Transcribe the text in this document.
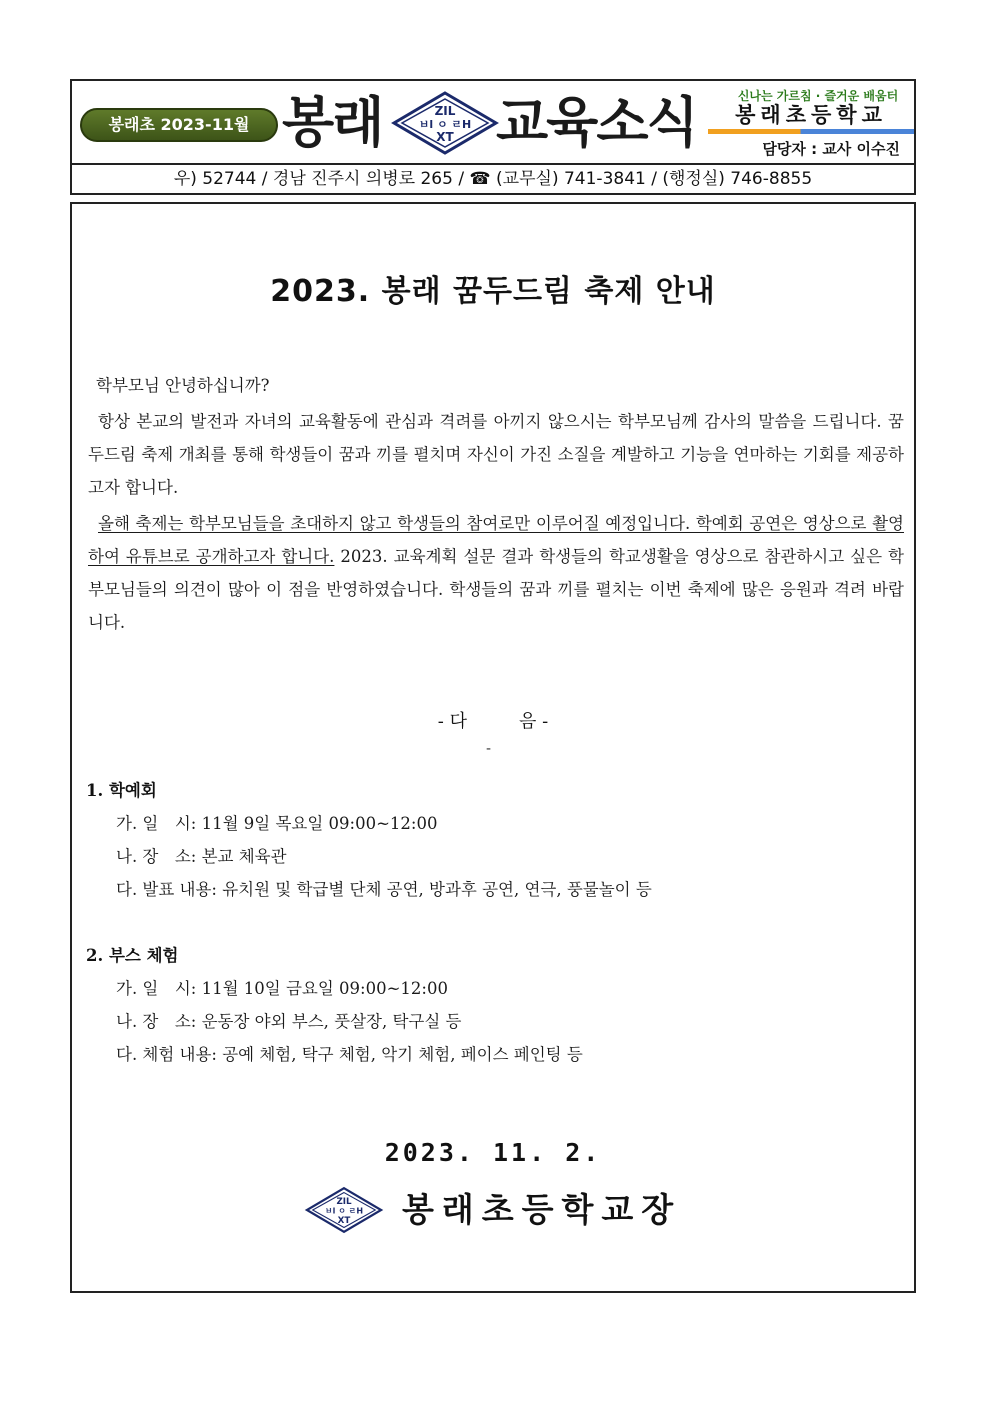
봉래초 2023-11월 봉래	ZIL
ㅂl ㅇ ㄹH
ХT 교육소식	신나는 가르침 · 즐거운 배움터
봉래초등학교
담당자 : 교사 이수진
우) 52744 / 경남 진주시 의병로 265 / ☎ (교무실) 741-3841 / (행정실) 746-8855
2023. 봉래 꿈두드림 축제 안내
학부모님 안녕하십니까?
항상 본교의 발전과 자녀의 교육활동에 관심과 격려를 아끼지 않으시는 학부모님께 감사의 말씀을 드립니다. 꿈 두드림 축제 개최를 통해 학생들이 꿈과 끼를 펼치며 자신이 가진 소질을 계발하고 기능을 연마하는 기회를 제공하고자 합니다.
올해 축제는 학부모님들을 초대하지 않고 학생들의 참여로만 이루어질 예정입니다. 학예회 공연은 영상으로 촬영하여 유튜브로 공개하고자 합니다. 2023. 교육계획 설문 결과 학생들의 학교생활을 영상으로 참관하시고 싶은 학부모님들의 의견이 많아 이 점을 반영하였습니다. 학생들의 꿈과 끼를 펼치는 이번 축제에 많은 응원과 격려 바랍니다.
- 다	음 -
-
1. 학예회
가. 일　시: 11월 9일 목요일 09:00~12:00
나. 장　소: 본교 체육관
다. 발표 내용: 유치원 및 학급별 단체 공연, 방과후 공연, 연극, 풍물놀이 등
2. 부스 체험
가. 일　시: 11월 10일 금요일 09:00~12:00
나. 장　소: 운동장 야외 부스, 풋살장, 탁구실 등
다. 체험 내용: 공예 체험, 탁구 체험, 악기 체험, 페이스 페인팅 등
2023. 11. 2.
ZIL
ㅂl ㅇ ㄹH
ХT 봉래초등학교장
